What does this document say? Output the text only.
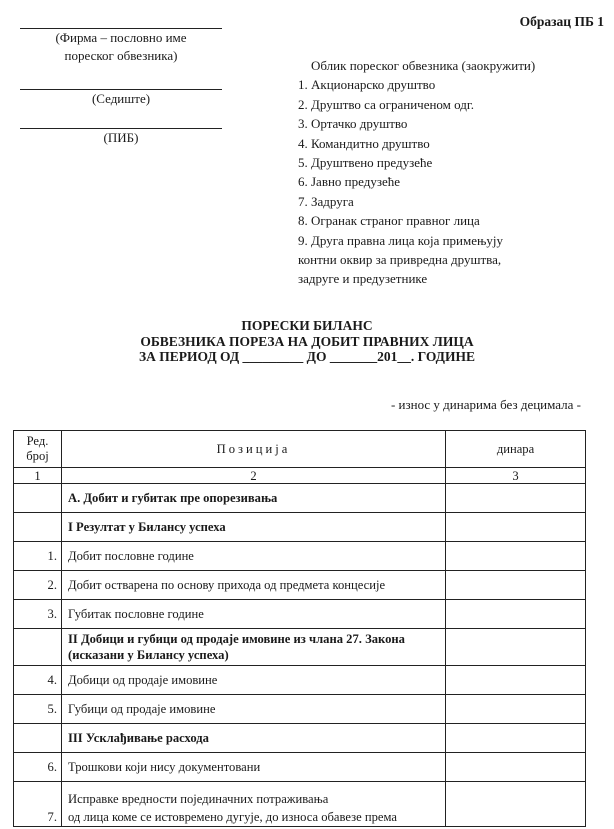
Образац ПБ 1
(Фирма – пословно име
пореског обвезника)
(Седиште)
(ПИБ)
Облик пореског обвезника (заокружити)
1. Акционарско друштво
2. Друштво са ограниченом одг.
3. Ортачко друштво
4. Командитно друштво
5. Друштвено предузеће
6. Јавно предузеће
7. Задруга
8. Огранак страног правног лица
9. Друга правна лица која примењују
контни оквир за привредна друштва,
задруге и предузетнике
ПОРЕСКИ БИЛАНС
ОБВЕЗНИКА ПОРЕЗА НА ДОБИТ ПРАВНИХ ЛИЦА
ЗА ПЕРИОД ОД _________ ДО _______201__. ГОДИНЕ
- износ у динарима без децимала -
Ред.
број	Позиција	динара
1	2	3
	А. Добит и губитак пре опорезивања	
	I Резултат у Билансу успеха	
1.	Добит пословне године	
2.	Добит остварена по основу прихода од предмета концесије	
3.	Губитак пословне године	

	II Добици и губици од продаје имовине из члана 27. Закона
(исказани у Билансу успеха)	

4.	Добици од продаје имовине	
5.	Губици од продаје имовине	
	III Усклађивање расхода	
6.	Трошкови који нису документовани	
7.	Исправке вредности појединачних потраживања
од лица коме се истовремено дугује, до износа обавезе према	
